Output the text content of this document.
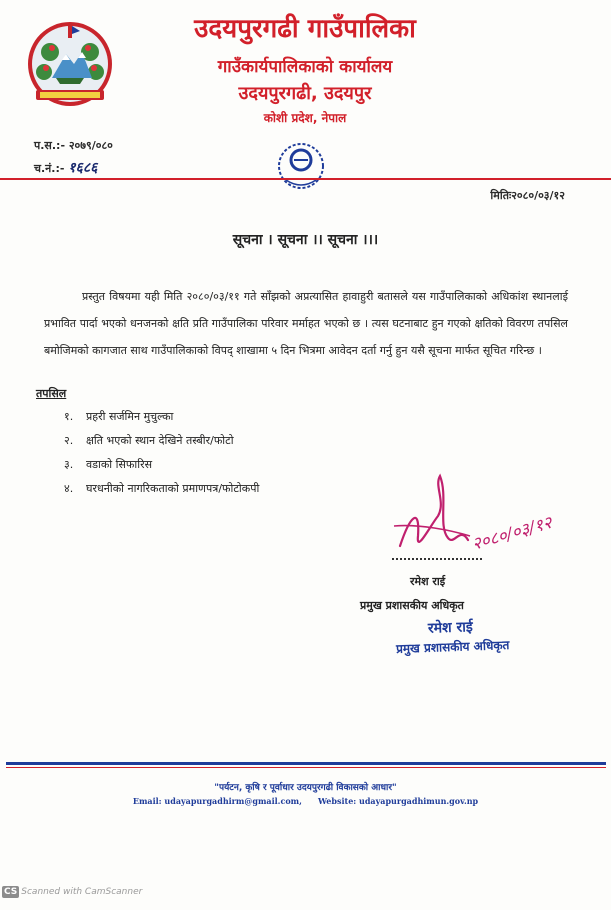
उदयपुरगढी गाउँपालिका
गाउँकार्यपालिकाको कार्यालय
उदयपुरगढी, उदयपुर
कोशी प्रदेश, नेपाल
प.स.:- २०७९/०८०
च.नं.:- १६८६
मितिः२०८०/०३/१२
सूचना । सूचना ।। सूचना ।।।
प्रस्तुत विषयमा यही मिति २०८०/०३/११ गते साँझको अप्रत्यासित हावाहुरी बतासले यस गाउँपालिकाको अधिकांश स्थानलाई प्रभावित पार्दा भएको धनजनको क्षति प्रति गाउँपालिका परिवार मर्माहत भएको छ । त्यस घटनाबाट हुन गएको क्षतिको विवरण तपसिल बमोजिमको कागजात साथ गाउँपालिकाको विपद् शाखामा ५ दिन भित्रमा आवेदन दर्ता गर्नु हुन यसै सूचना मार्फत सूचित गरिन्छ ।
तपसिल
१. प्रहरी सर्जमिन मुचुल्का
२. क्षति भएको स्थान देखिने तस्बीर/फोटो
३. वडाको सिफारिस
४. घरधनीको नागरिकताको प्रमाणपत्र/फोटोकपी
२०८०/०३/१२
रमेश राई
प्रमुख प्रशासकीय अधिकृत
रमेश राई
प्रमुख प्रशासकीय अधिकृत
"पर्यटन, कृषि र पूर्वाधार उदयपुरगढी विकासको आधार"
Email: udayapurgadhirm@gmail.com, Website: udayapurgadhimun.gov.np
CS Scanned with CamScanner
